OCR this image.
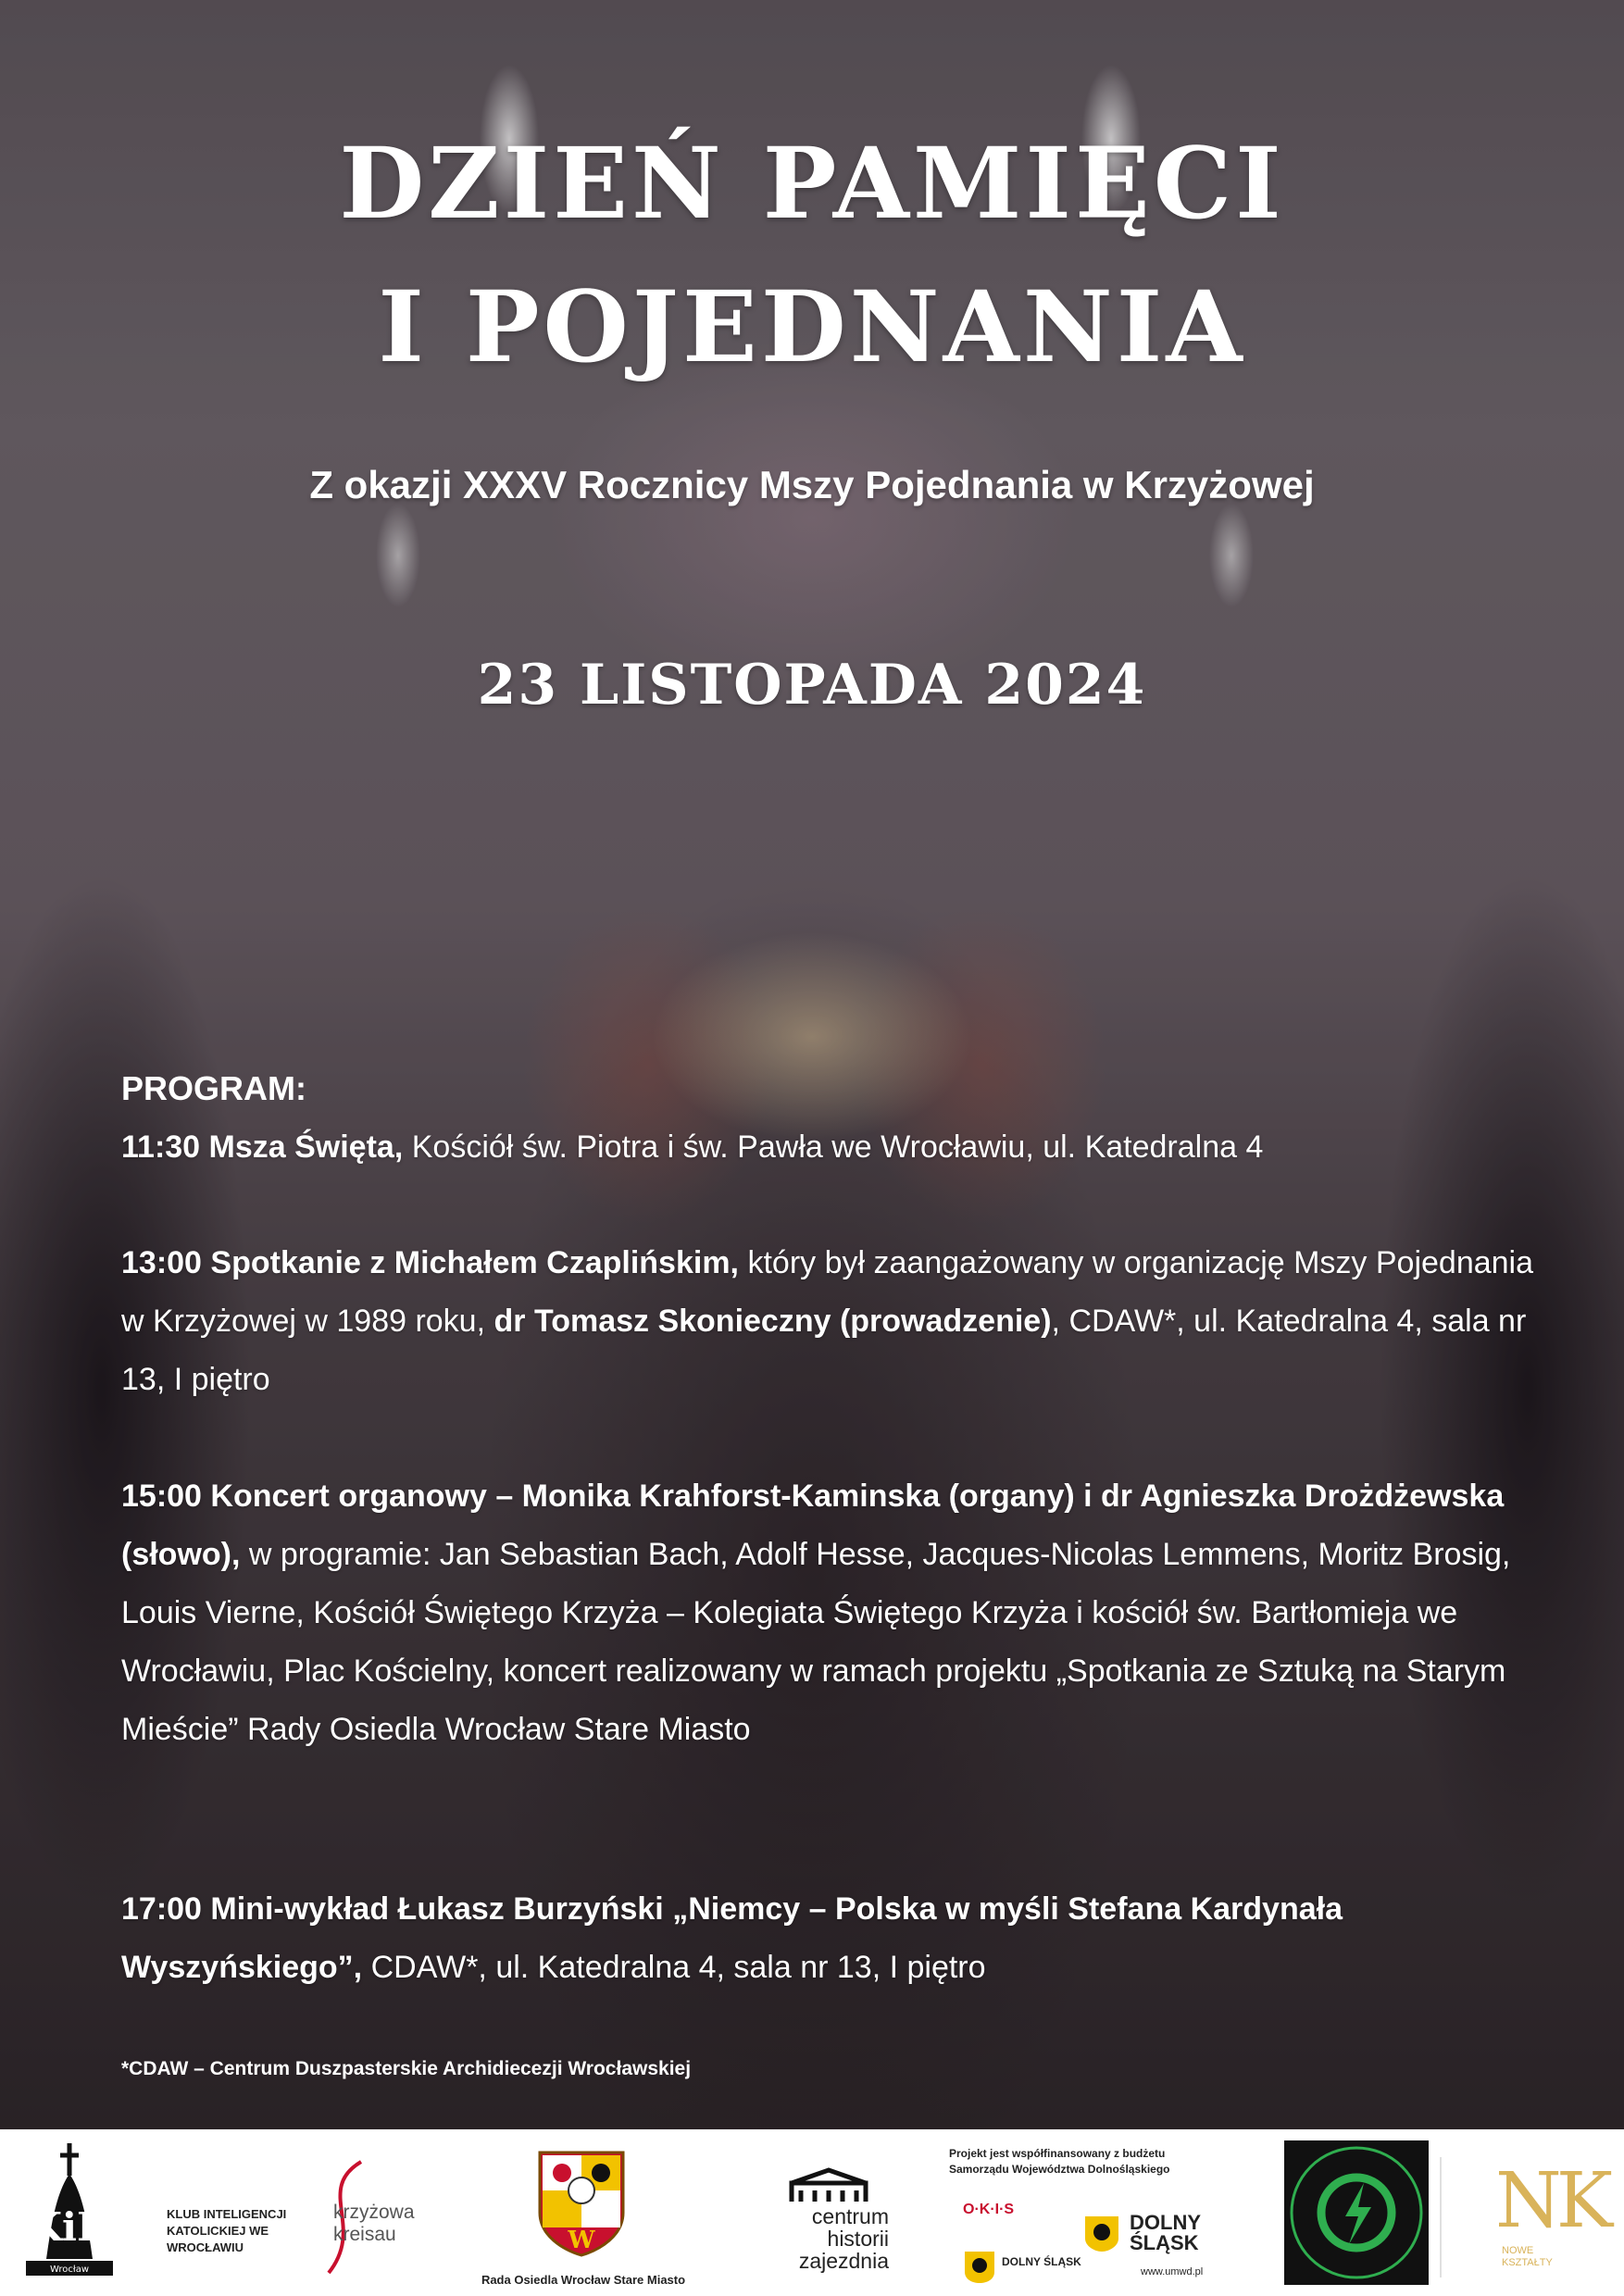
DZIEŃ PAMIĘCI
I POJEDNANIA
Z okazji XXXV Rocznicy Mszy Pojednania w Krzyżowej
23 LISTOPADA 2024
PROGRAM:
11:30 Msza Święta, Kościół św. Piotra i św. Pawła we Wrocławiu, ul. Katedralna 4
13:00 Spotkanie z Michałem Czaplińskim, który był zaangażowany w organizację Mszy Pojednania w Krzyżowej w 1989 roku, dr Tomasz Skonieczny (prowadzenie), CDAW*, ul. Katedralna 4, sala nr 13, I piętro
15:00 Koncert organowy – Monika Krahforst-Kaminska (organy) i dr Agnieszka Drożdżewska (słowo), w programie: Jan Sebastian Bach, Adolf Hesse, Jacques-Nicolas Lemmens, Moritz Brosig, Louis Vierne, Kościół Świętego Krzyża – Kolegiata Świętego Krzyża i kościół św. Bartłomieja we Wrocławiu, Plac Kościelny, koncert realizowany w ramach projektu „Spotkania ze Sztuką na Starym Mieście” Rady Osiedla Wrocław Stare Miasto
17:00 Mini-wykład Łukasz Burzyński „Niemcy – Polska w myśli Stefana Kardynała Wyszyńskiego”, CDAW*, ul. Katedralna 4, sala nr 13, I piętro
*CDAW – Centrum Duszpasterskie Archidiecezji Wrocławskiej
KiK
Wrocław
KLUB INTELIGENCJI
KATOLICKIEJ WE WROCŁAWIU
krzyżowa
kreisau	W
Rada Osiedla Wrocław Stare Miasto
centrum
historii
zajezdnia
Projekt jest współfinansowany z budżetu
Samorządu Województwa Dolnośląskiego
O·K·I·S
DOLNY ŚLĄSK
DOLNY
ŚLĄSK
www.umwd.pl
NK
NOWE
KSZTAŁTY
